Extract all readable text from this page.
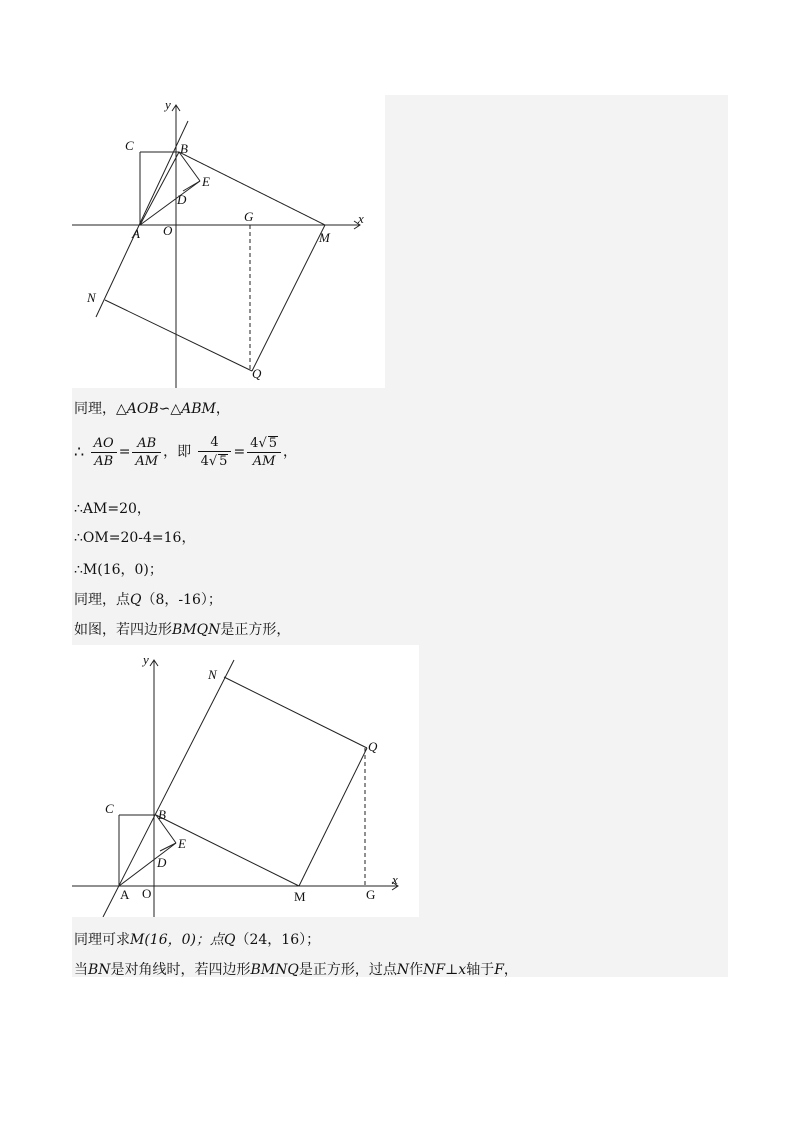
y
x
C	B
E
D
A O
G
M
N
Q
同理，△AOB∽△ABM，
∴ $\frac{AO}{AB} = \frac{AB}{AM}$ ，即 $\frac{4}{4√ 5} = \frac{4√ 5}{AM}$ ，
∴AM=20，
∴OM=20-4=16，
∴M(16，0)；
同理，点Q（8，-16）；
如图，若四边形BMQN是正方形，
y
N
Q
C	B
E
D
A O	M	G
x
同理可求M(16，0)；点Q（24，16）；
当BN是对角线时，若四边形BMNQ是正方形，过点N作NF⊥x轴于F，
